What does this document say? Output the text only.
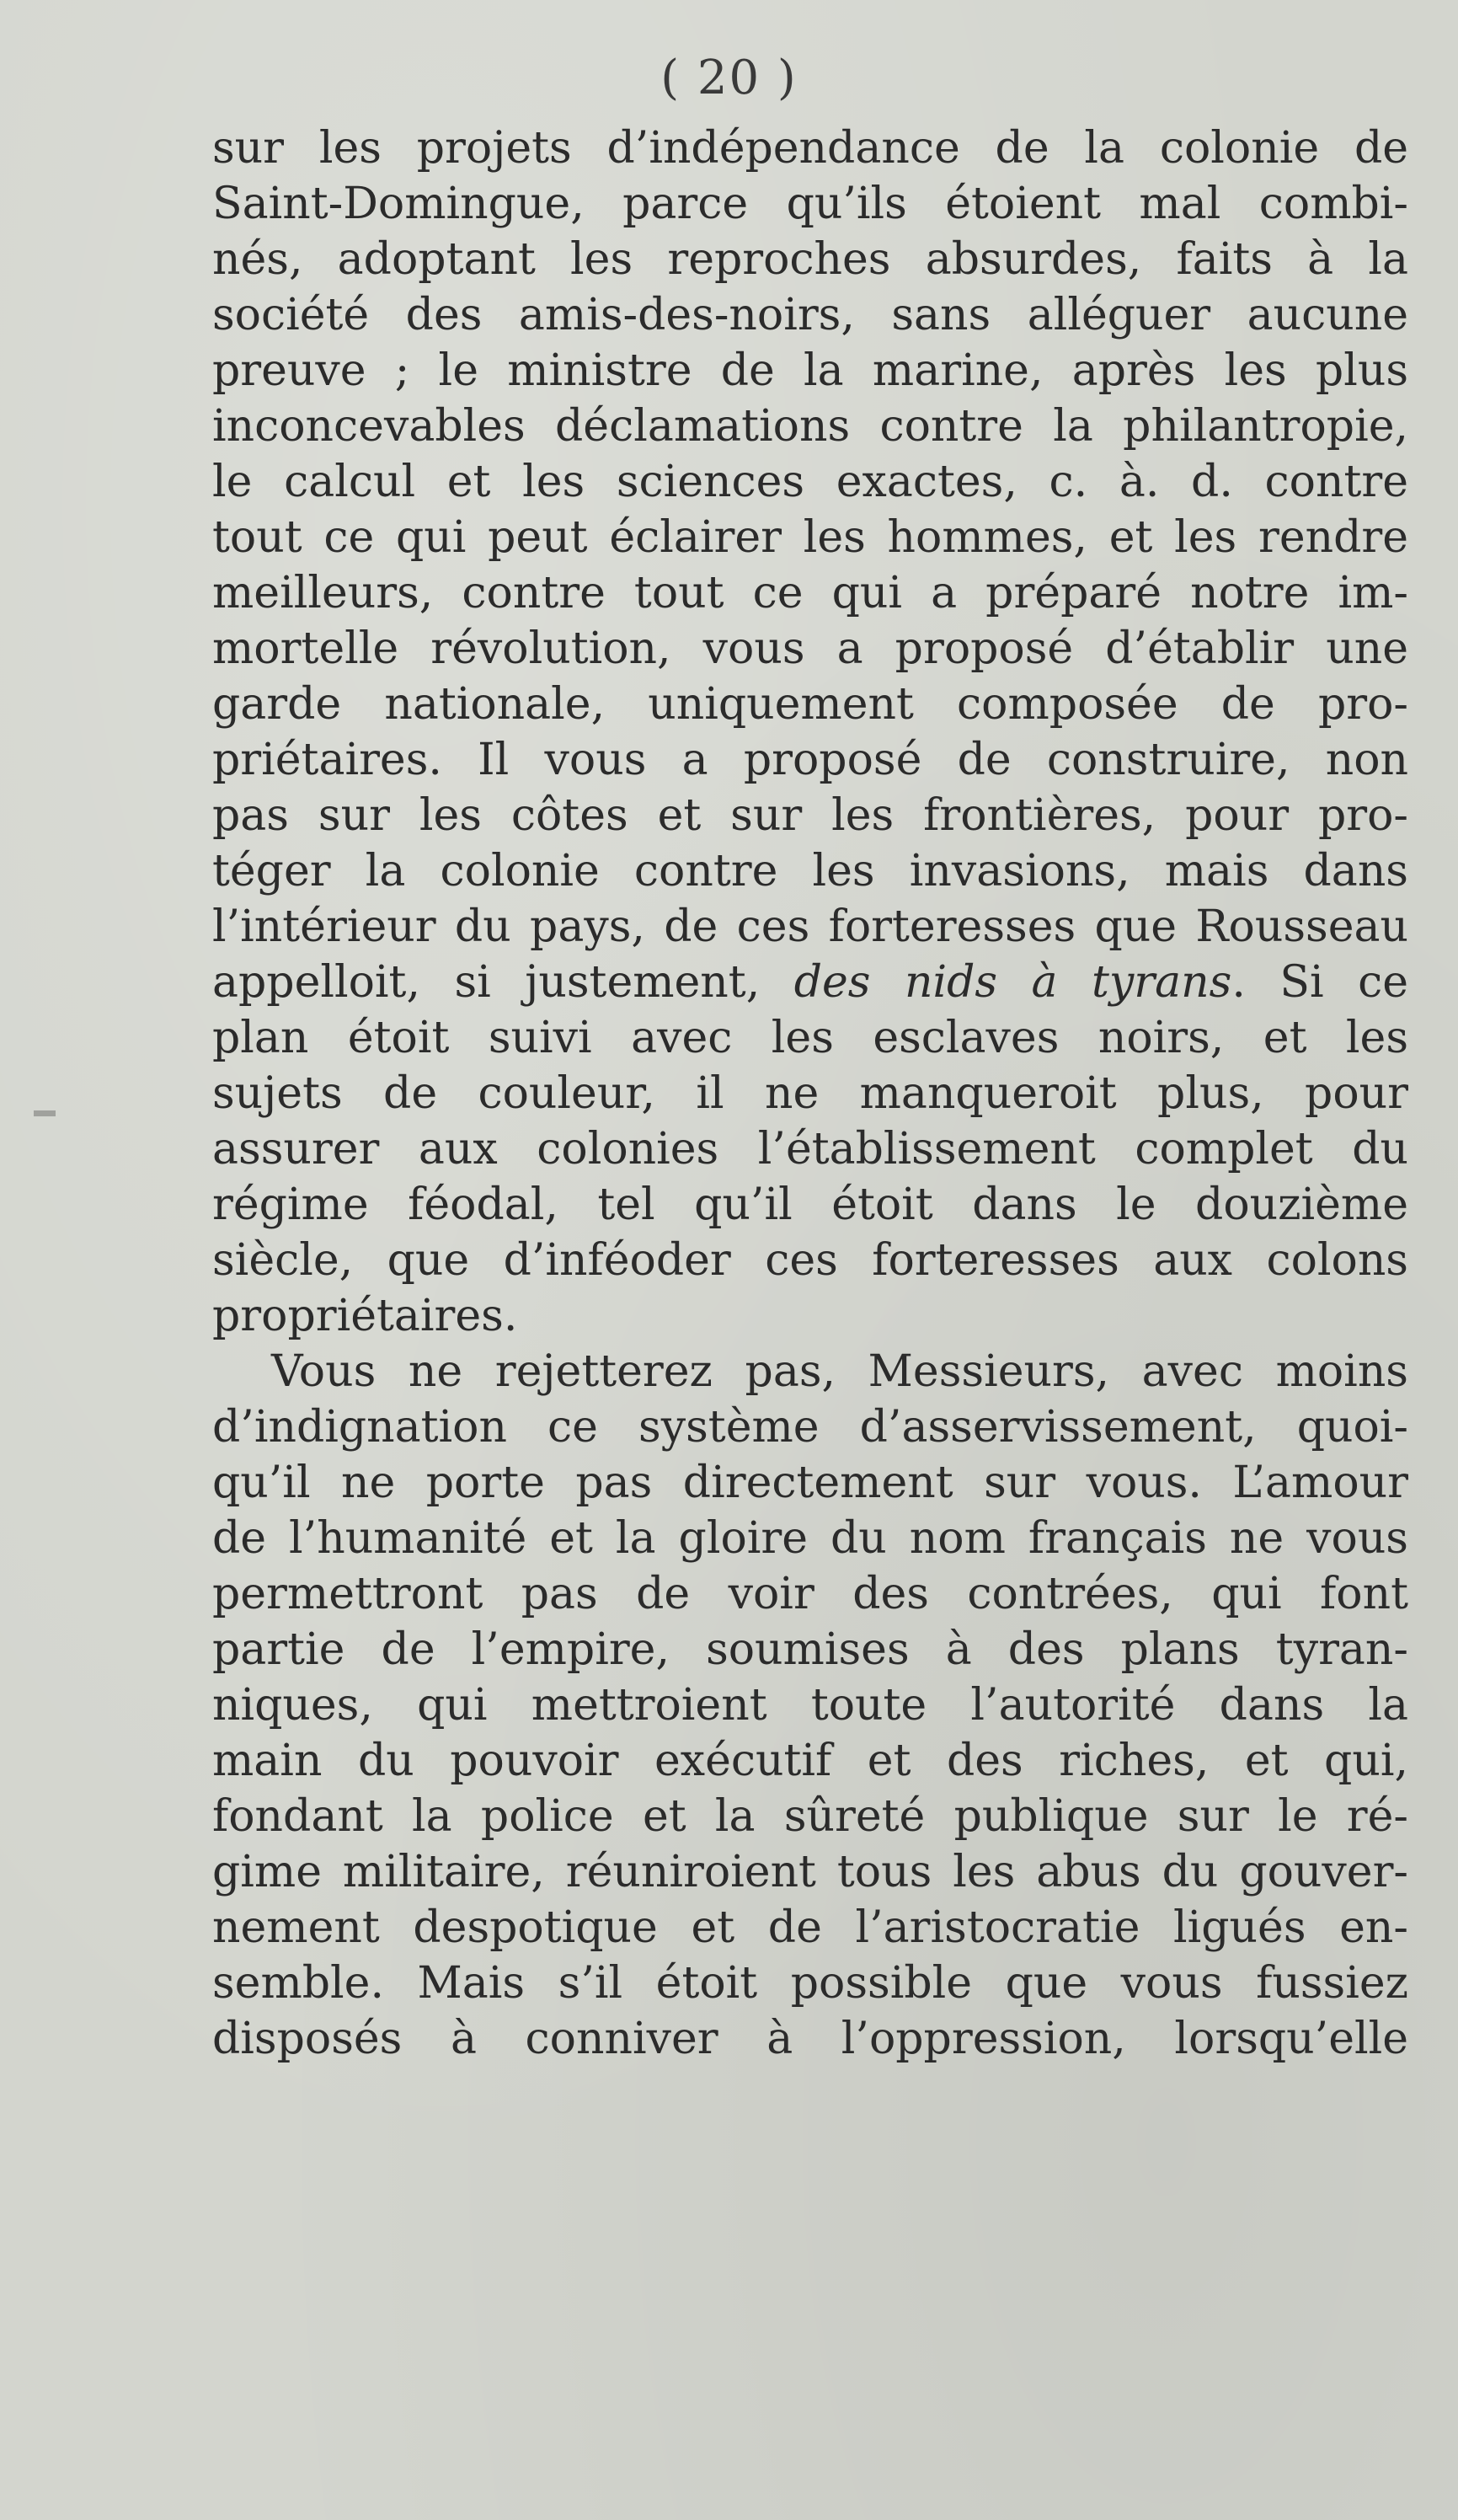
( 20 )
sur les projets d’indépendance de la colonie de
Saint-Domingue, parce qu’ils étoient mal combi-
nés, adoptant les reproches absurdes, faits à la
société des amis-des-noirs, sans alléguer aucune
preuve ; le ministre de la marine, après les plus
inconcevables déclamations contre la philantropie,
le calcul et les sciences exactes, c. à. d. contre
tout ce qui peut éclairer les hommes, et les rendre
meilleurs, contre tout ce qui a préparé notre im-
mortelle révolution, vous a proposé d’établir une
garde nationale, uniquement composée de pro-
priétaires. Il vous a proposé de construire, non
pas sur les côtes et sur les frontières, pour pro-
téger la colonie contre les invasions, mais dans
l’intérieur du pays, de ces forteresses que Rousseau
appelloit, si justement, des nids à tyrans. Si ce
plan étoit suivi avec les esclaves noirs, et les
sujets de couleur, il ne manqueroit plus, pour
assurer aux colonies l’établissement complet du
régime féodal, tel qu’il étoit dans le douzième
siècle, que d’inféoder ces forteresses aux colons
propriétaires.
Vous ne rejetterez pas, Messieurs, avec moins
d’indignation ce système d’asservissement, quoi-
qu’il ne porte pas directement sur vous. L’amour
de l’humanité et la gloire du nom français ne vous
permettront pas de voir des contrées, qui font
partie de l’empire, soumises à des plans tyran-
niques, qui mettroient toute l’autorité dans la
main du pouvoir exécutif et des riches, et qui,
fondant la police et la sûreté publique sur le ré-
gime militaire, réuniroient tous les abus du gouver-
nement despotique et de l’aristocratie ligués en-
semble. Mais s’il étoit possible que vous fussiez
disposés à conniver à l’oppression, lorsqu’elle
